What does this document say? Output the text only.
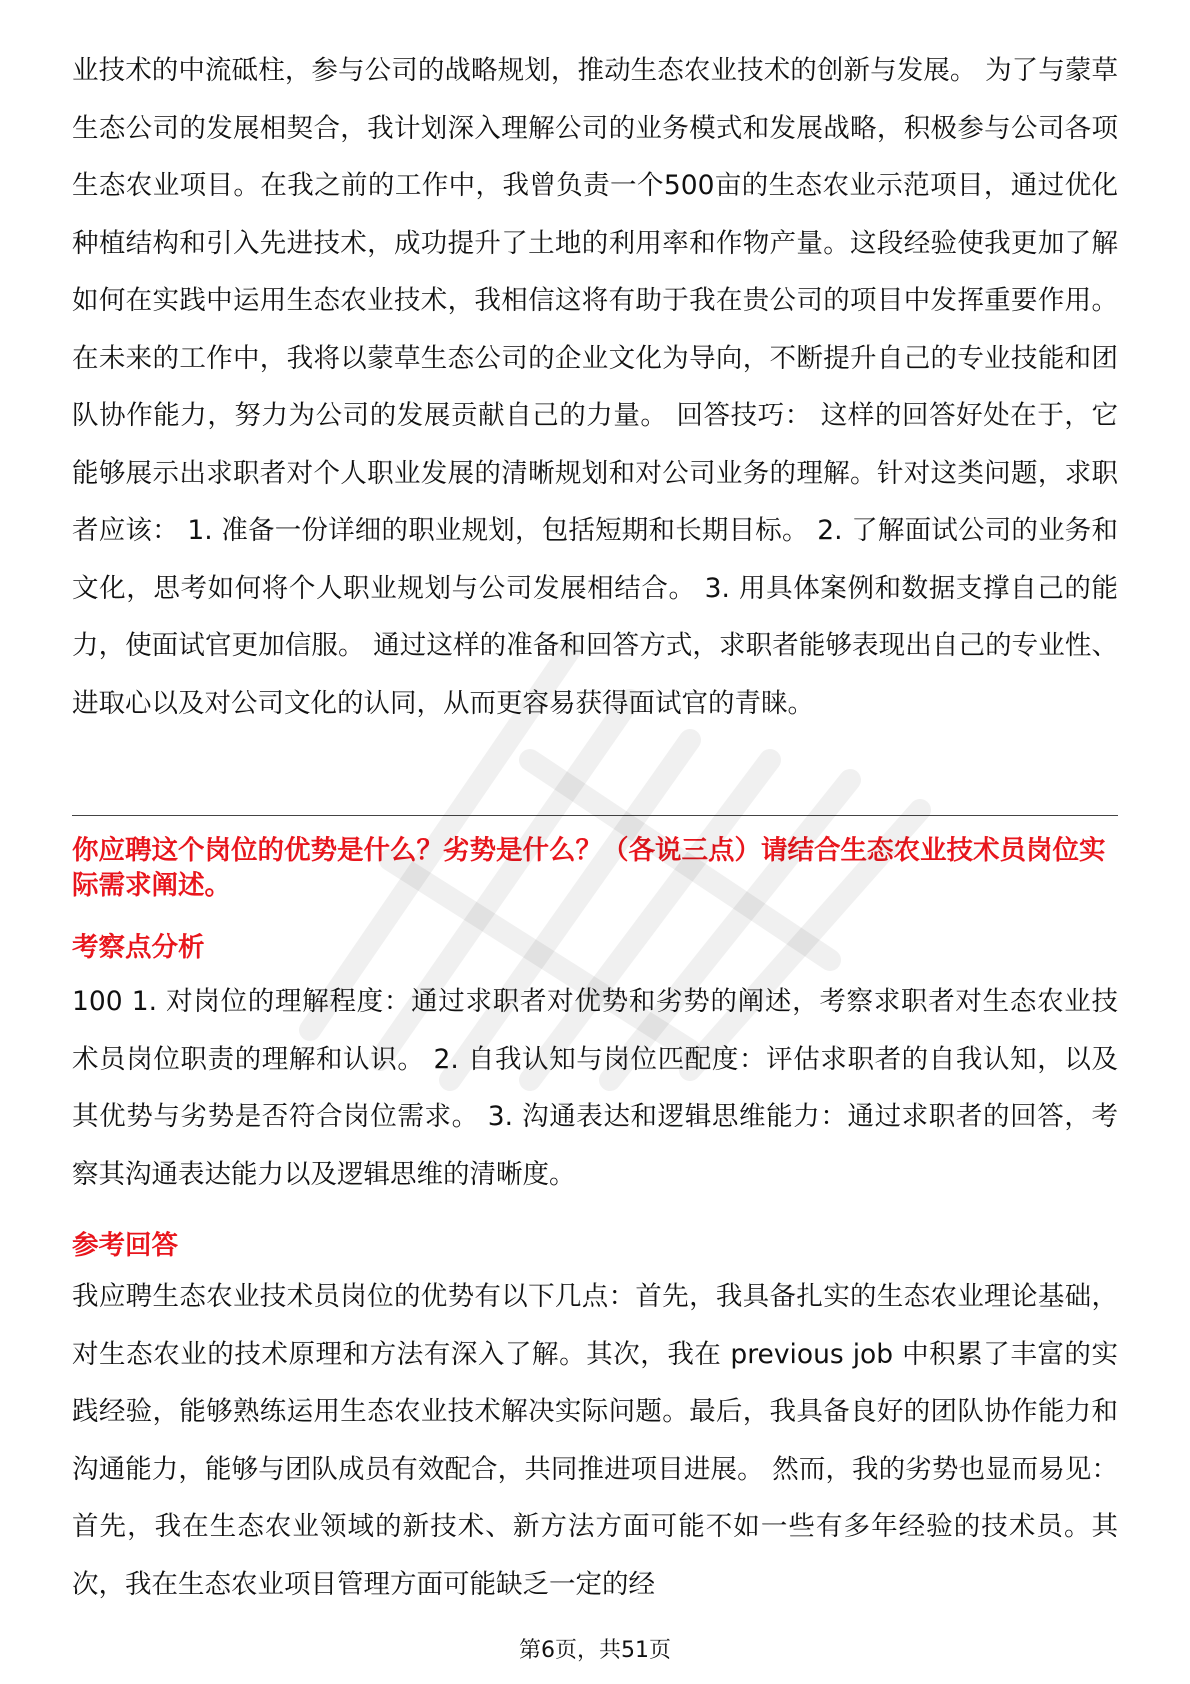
业技术的中流砥柱，参与公司的战略规划，推动生态农业技术的创新与发展。 为了与蒙草生态公司的发展相契合，我计划深入理解公司的业务模式和发展战略，积极参与公司各项生态农业项目。在我之前的工作中，我曾负责一个500亩的生态农业示范项目，通过优化种植结构和引入先进技术，成功提升了土地的利用率和作物产量。这段经验使我更加了解如何在实践中运用生态农业技术，我相信这将有助于我在贵公司的项目中发挥重要作用。 在未来的工作中，我将以蒙草生态公司的企业文化为导向，不断提升自己的专业技能和团队协作能力，努力为公司的发展贡献自己的力量。 回答技巧： 这样的回答好处在于，它能够展示出求职者对个人职业发展的清晰规划和对公司业务的理解。针对这类问题，求职者应该： 1. 准备一份详细的职业规划，包括短期和长期目标。 2. 了解面试公司的业务和文化，思考如何将个人职业规划与公司发展相结合。 3. 用具体案例和数据支撑自己的能力，使面试官更加信服。 通过这样的准备和回答方式，求职者能够表现出自己的专业性、进取心以及对公司文化的认同，从而更容易获得面试官的青睐。

你应聘这个岗位的优势是什么？劣势是什么？（各说三点）请结合生态农业技术员岗位实际需求阐述。

考察点分析

100 1. 对岗位的理解程度：通过求职者对优势和劣势的阐述，考察求职者对生态农业技术员岗位职责的理解和认识。 2. 自我认知与岗位匹配度：评估求职者的自我认知，以及其优势与劣势是否符合岗位需求。 3. 沟通表达和逻辑思维能力：通过求职者的回答，考察其沟通表达能力以及逻辑思维的清晰度。

参考回答

我应聘生态农业技术员岗位的优势有以下几点：首先，我具备扎实的生态农业理论基础，对生态农业的技术原理和方法有深入了解。其次，我在 previous job 中积累了丰富的实践经验，能够熟练运用生态农业技术解决实际问题。最后，我具备良好的团队协作能力和沟通能力，能够与团队成员有效配合，共同推进项目进展。 然而，我的劣势也显而易见：首先，我在生态农业领域的新技术、新方法方面可能不如一些有多年经验的技术员。其次，我在生态农业项目管理方面可能缺乏一定的经

第6页，共51页
